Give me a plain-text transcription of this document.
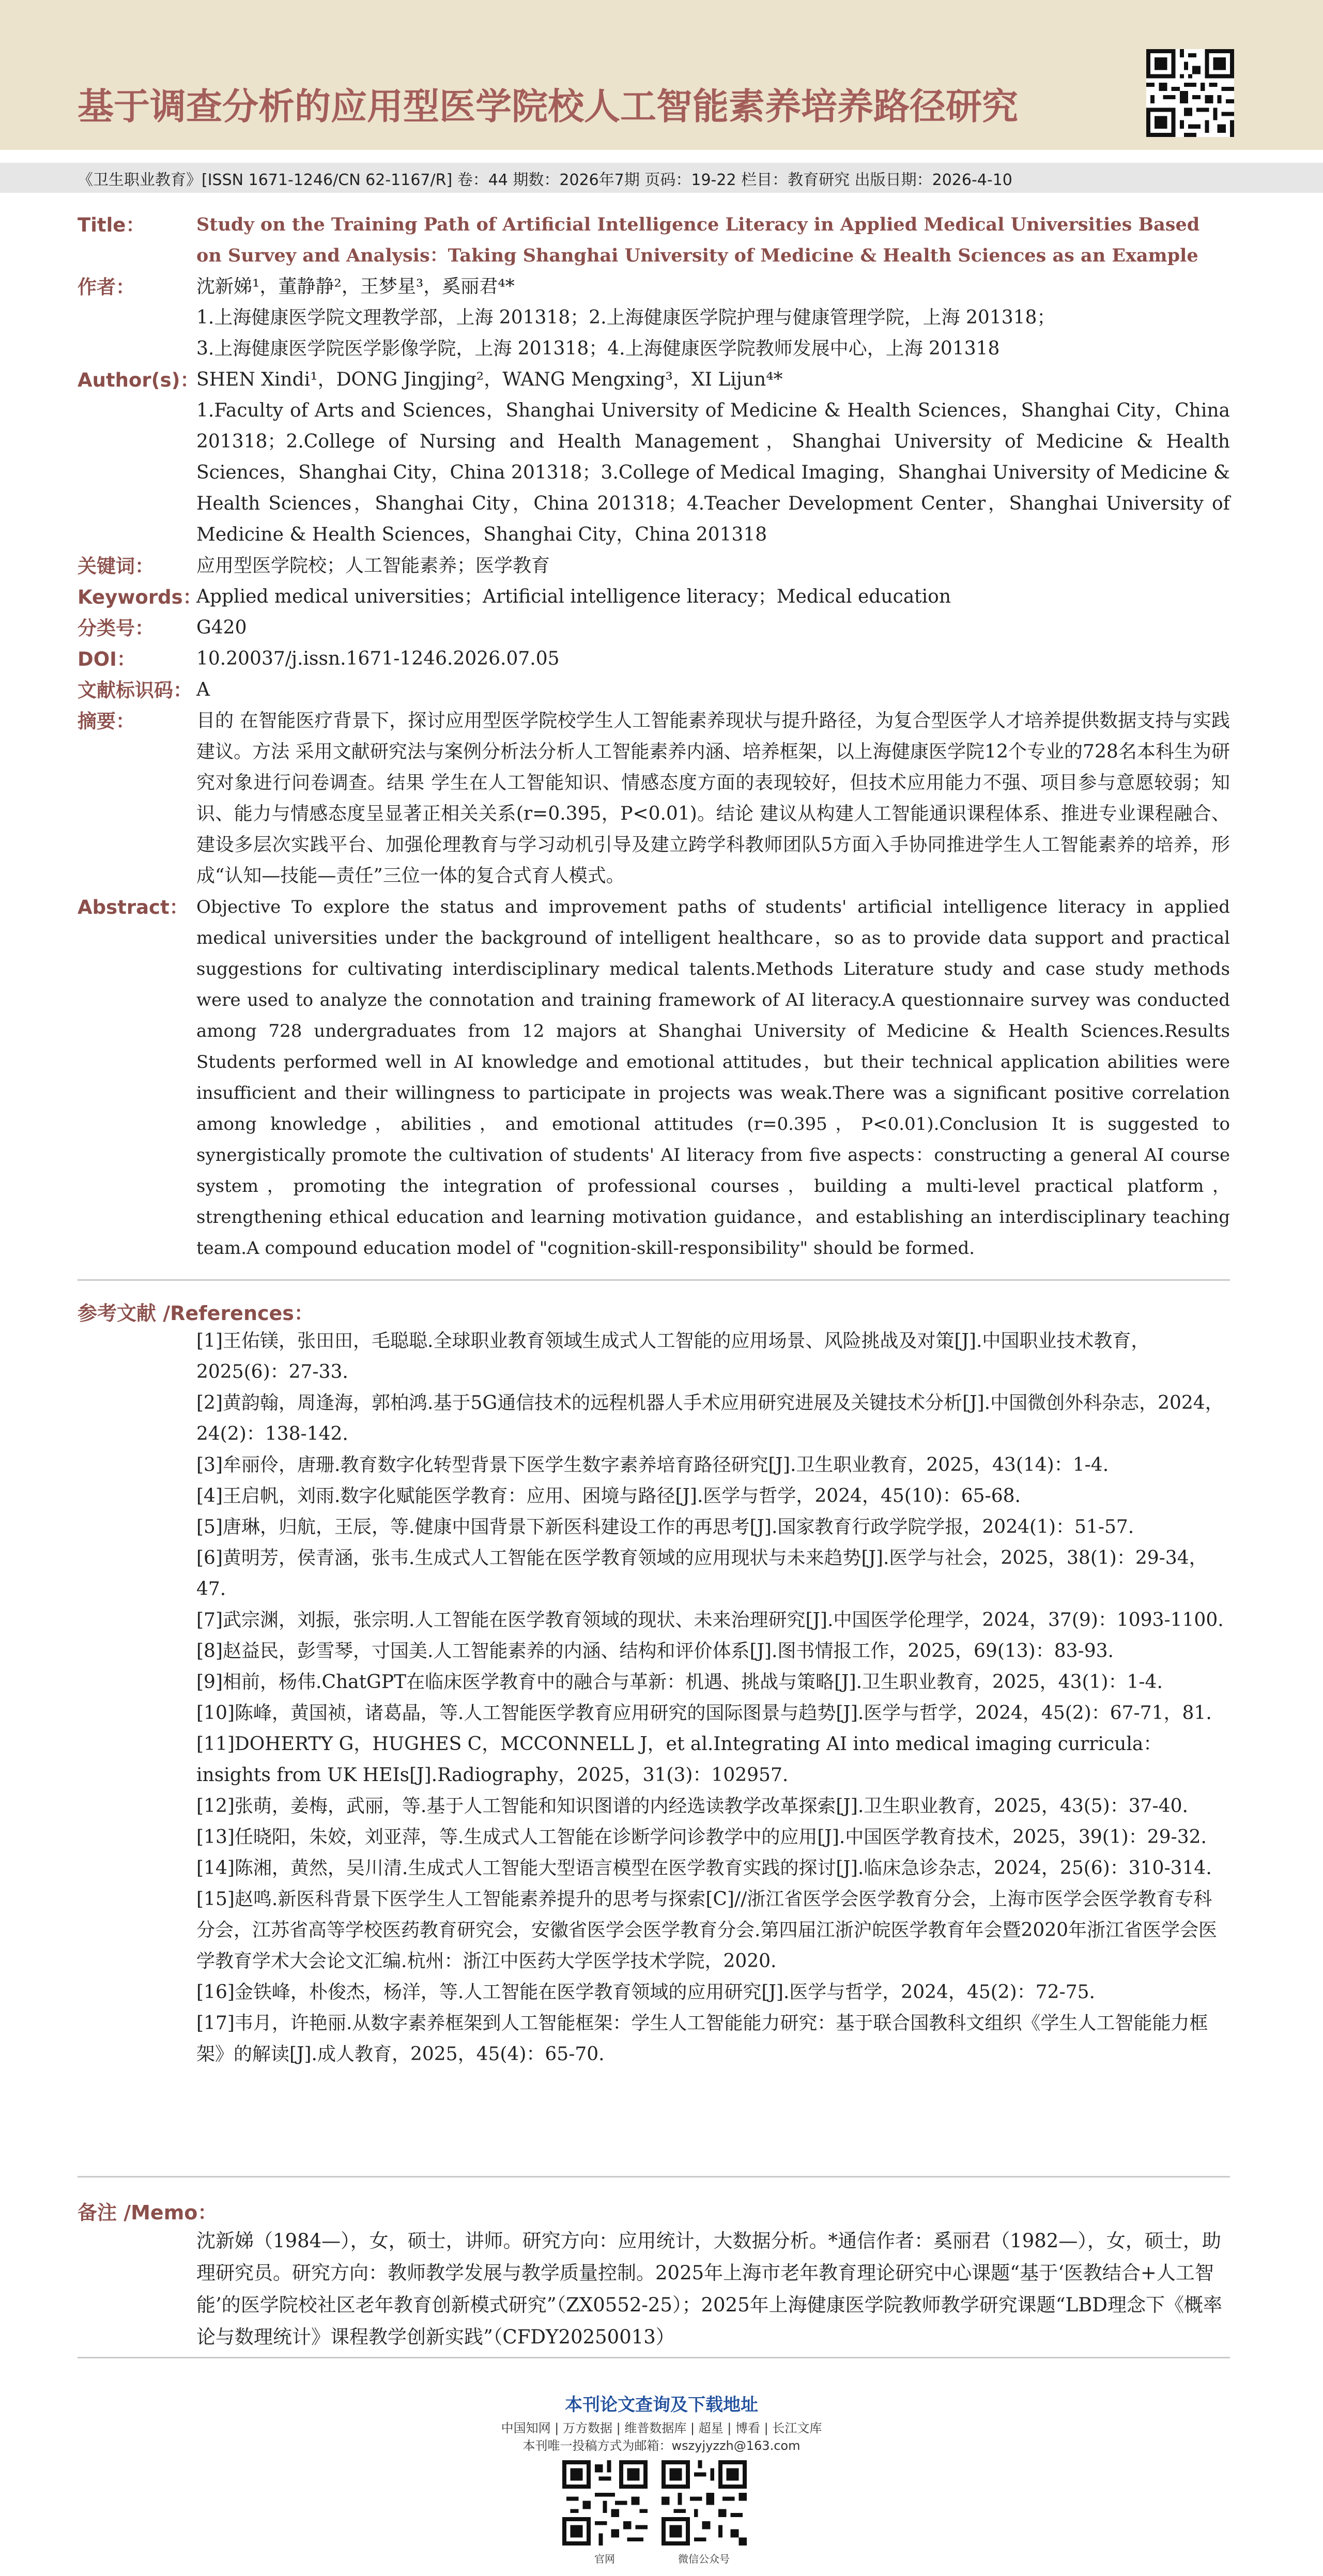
基于调查分析的应用型医学院校人工智能素养培养路径研究
《卫生职业教育》[ISSN 1671-1246/CN 62-1167/R] 卷：44 期数：2026年7期 页码：19-22 栏目：教育研究 出版日期：2026-4-10
Title：	Study on the Training Path of Artificial Intelligence Literacy in Applied Medical Universities Based on Survey and Analysis：Taking Shanghai University of Medicine & Health Sciences as an Example
作者：	沈新娣¹，董静静²，王梦星³，奚丽君⁴*

1.上海健康医学院文理教学部，上海 201318；2.上海健康医学院护理与健康管理学院，上海 201318；

3.上海健康医学院医学影像学院，上海 201318；4.上海健康医学院教师发展中心，上海 201318

Author(s)：

SHEN Xindi¹，DONG Jingjing²，WANG Mengxing³，XI Lijun⁴*

1.Faculty of Arts and Sciences，Shanghai University of Medicine & Health Sciences，Shanghai City，China 201318；2.College of Nursing and Health Management，Shanghai University of Medicine & Health Sciences，Shanghai City，China 201318；3.College of Medical Imaging，Shanghai University of Medicine & Health Sciences，Shanghai City，China 201318；4.Teacher Development Center，Shanghai University of Medicine & Health Sciences，Shanghai City，China 201318

关键词：	应用型医学院校；人工智能素养；医学教育
Keywords：
Applied medical universities；Artificial intelligence literacy；Medical education
分类号：	G420
DOI：	10.20037/j.issn.1671-1246.2026.07.05
文献标识码： A
摘要：	目的 在智能医疗背景下，探讨应用型医学院校学生人工智能素养现状与提升路径，为复合型医学人才培养提供数据支持与实践建议。方法 采用文献研究法与案例分析法分析人工智能素养内涵、培养框架，以上海健康医学院12个专业的728名本科生为研究对象进行问卷调查。结果 学生在人工智能知识、情感态度方面的表现较好，但技术应用能力不强、项目参与意愿较弱；知识、能力与情感态度呈显著正相关关系(r=0.395，P<0.01)。结论 建议从构建人工智能通识课程体系、推进专业课程融合、建设多层次实践平台、加强伦理教育与学习动机引导及建立跨学科教师团队5方面入手协同推进学生人工智能素养的培养，形成“认知—技能—责任”三位一体的复合式育人模式。
Abstract： Objective To explore the status and improvement paths of students' artificial intelligence literacy in applied medical universities under the background of intelligent healthcare，so as to provide data support and practical suggestions for cultivating interdisciplinary medical talents.Methods Literature study and case study methods were used to analyze the connotation and training framework of AI literacy.A questionnaire survey was conducted among 728 undergraduates from 12 majors at Shanghai University of Medicine & Health Sciences.Results Students performed well in AI knowledge and emotional attitudes，but their technical application abilities were insufficient and their willingness to participate in projects was weak.There was a significant positive correlation among knowledge，abilities，and emotional attitudes (r=0.395，P<0.01).Conclusion It is suggested to synergistically promote the cultivation of students' AI literacy from five aspects：constructing a general AI course system，promoting the integration of professional courses，building a multi-level practical platform，strengthening ethical education and learning motivation guidance，and establishing an interdisciplinary teaching team.A compound education model of "cognition-skill-responsibility" should be formed.
参考文献 /References：

[1]王佑镁，张田田，毛聪聪.全球职业教育领域生成式人工智能的应用场景、风险挑战及对策[J].中国职业技术教育，2025(6)：27-33.

[2]黄韵翰，周逢海，郭柏鸿.基于5G通信技术的远程机器人手术应用研究进展及关键技术分析[J].中国微创外科杂志，2024，24(2)：138-142.

[3]牟丽伶，唐珊.教育数字化转型背景下医学生数字素养培育路径研究[J].卫生职业教育，2025，43(14)：1-4.

[4]王启帆，刘雨.数字化赋能医学教育：应用、困境与路径[J].医学与哲学，2024，45(10)：65-68.

[5]唐琳，归航，王辰，等.健康中国背景下新医科建设工作的再思考[J].国家教育行政学院学报，2024(1)：51-57.

[6]黄明芳，侯青涵，张韦.生成式人工智能在医学教育领域的应用现状与未来趋势[J].医学与社会，2025，38(1)：29-34，47.

[7]武宗渊，刘振，张宗明.人工智能在医学教育领域的现状、未来治理研究[J].中国医学伦理学，2024，37(9)：1093-1100.

[8]赵益民，彭雪琴，寸国美.人工智能素养的内涵、结构和评价体系[J].图书情报工作，2025，69(13)：83-93.

[9]相前，杨伟.ChatGPT在临床医学教育中的融合与革新：机遇、挑战与策略[J].卫生职业教育，2025，43(1)：1-4.

[10]陈峰，黄国祯，诸葛晶，等.人工智能医学教育应用研究的国际图景与趋势[J].医学与哲学，2024，45(2)：67-71，81.

[11]DOHERTY G，HUGHES C，MCCONNELL J，et al.Integrating AI into medical imaging curricula：insights from UK HEIs[J].Radiography，2025，31(3)：102957.

[12]张萌，姜梅，武丽，等.基于人工智能和知识图谱的内经选读教学改革探索[J].卫生职业教育，2025，43(5)：37-40.

[13]任晓阳，朱姣，刘亚萍，等.生成式人工智能在诊断学问诊教学中的应用[J].中国医学教育技术，2025，39(1)：29-32.

[14]陈湘，黄然，吴川清.生成式人工智能大型语言模型在医学教育实践的探讨[J].临床急诊杂志，2024，25(6)：310-314.

[15]赵鸣.新医科背景下医学生人工智能素养提升的思考与探索[C]//浙江省医学会医学教育分会，上海市医学会医学教育专科分会，江苏省高等学校医药教育研究会，安徽省医学会医学教育分会.第四届江浙沪皖医学教育年会暨2020年浙江省医学会医学教育学术大会论文汇编.杭州：浙江中医药大学医学技术学院，2020.

[16]金铁峰，朴俊杰，杨洋，等.人工智能在医学教育领域的应用研究[J].医学与哲学，2024，45(2)：72-75.

[17]韦月，许艳丽.从数字素养框架到人工智能框架：学生人工智能能力研究：基于联合国教科文组织《学生人工智能能力框架》的解读[J].成人教育，2025，45(4)：65-70.

备注 /Memo：
沈新娣（1984—），女，硕士，讲师。研究方向：应用统计，大数据分析。*通信作者：奚丽君（1982—），女，硕士，助理研究员。研究方向：教师教学发展与教学质量控制。2025年上海市老年教育理论研究中心课题“基于‘医教结合+人工智能’的医学院校社区老年教育创新模式研究”（ZX0552-25）；2025年上海健康医学院教师教学研究课题“LBD理念下《概率论与数理统计》课程教学创新实践”（CFDY20250013）
本刊论文查询及下载地址
中国知网 | 万方数据 | 维普数据库 | 超星 | 博看 | 长江文库
本刊唯一投稿方式为邮箱：wszyjyzzh@163.com
官网	微信公众号
